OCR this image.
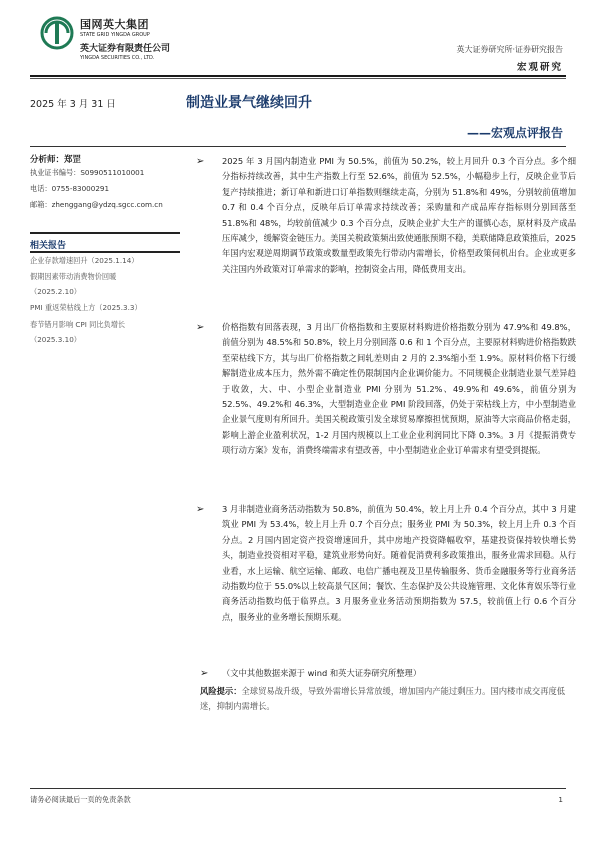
国网英大集团
STATE GRID YINGDA GROUP
英大证券有限责任公司
YINGDA SECURITIES CO., LTD.
英大证券研究所·证券研究报告
宏观研究
2025 年 3 月 31 日	制造业景气继续回升
——宏观点评报告
分析师：郑罡
执业证书编号：S0990511010001
电话：0755-83000291
邮箱：zhenggang@ydzq.sgcc.com.cn
相关报告
企业存款增速回升（2025.1.14）
假期因素带动消费物价回暖
（2025.2.10）
PMI 重返荣枯线上方（2025.3.3）
春节错月影响 CPI 同比负增长
（2025.3.10）
➢ 2025 年 3 月国内制造业 PMI 为 50.5%，前值为 50.2%，较上月回升 0.3 个百分点。多个细分指标持续改善，其中生产指数上行至 52.6%，前值为 52.5%，小幅稳步上行，反映企业节后复产持续推进；新订单和新进口订单指数则继续走高，分别为 51.8%和 49%，分别较前值增加 0.7 和 0.4 个百分点，反映年后订单需求持续改善；采购量和产成品库存指标则分别回落至 51.8%和 48%，均较前值减少 0.3 个百分点，反映企业扩大生产的谨慎心态，原材料及产成品压库减少，缓解资金链压力。美国关税政策频出致使通胀预期不稳，美联储降息政策推后，2025 年国内宏观逆周期调节政策或数量型政策先行带动内需增长，价格型政策伺机出台。企业或更多关注国内外政策对订单需求的影响，控制资金占用，降低费用支出。
➢ 价格指数有回落表现，3 月出厂价格指数和主要原材料购进价格指数分别为 47.9%和 49.8%，前值分别为 48.5%和 50.8%，较上月分别回落 0.6 和 1 个百分点，主要原材料购进价格指数跌至荣枯线下方，其与出厂价格指数之间轧差则由 2 月的 2.3%缩小至 1.9%。原材料价格下行缓解制造业成本压力，然外需不确定性仍限制国内企业调价能力。不同规模企业制造业景气差异趋于收敛，大、中、小型企业制造业 PMI 分别为 51.2%、49.9%和 49.6%，前值分别为 52.5%、49.2%和 46.3%，大型制造业企业 PMI 阶段回落，仍处于荣枯线上方，中小型制造业企业景气度则有所回升。美国关税政策引发全球贸易摩擦担忧预期，原油等大宗商品价格走弱，影响上游企业盈利状况，1-2 月国内规模以上工业企业利润同比下降 0.3%。3 月《提振消费专项行动方案》发布，消费终端需求有望改善，中小型制造业企业订单需求有望受到提振。
➢ 3 月非制造业商务活动指数为 50.8%，前值为 50.4%，较上月上升 0.4 个百分点，其中 3 月建筑业 PMI 为 53.4%，较上月上升 0.7 个百分点；服务业 PMI 为 50.3%，较上月上升 0.3 个百分点。2 月国内固定资产投资增速回升，其中房地产投资降幅收窄，基建投资保持较快增长势头，制造业投资相对平稳，建筑业形势向好。随着促消费利多政策推出，服务业需求回稳。从行业看，水上运输、航空运输、邮政、电信广播电视及卫星传输服务、货币金融服务等行业商务活动指数均位于 55.0%以上较高景气区间；餐饮、生态保护及公共设施管理、文化体育娱乐等行业商务活动指数均低于临界点。3 月服务业业务活动预期指数为 57.5，较前值上行 0.6 个百分点，服务业的业务增长预期乐观。
➢ （文中其他数据来源于 wind 和英大证券研究所整理）
风险提示：全球贸易战升级，导致外需增长异常放缓，增加国内产能过剩压力。国内楼市成交再度低迷，抑制内需增长。
请务必阅读最后一页的免责条款	1
